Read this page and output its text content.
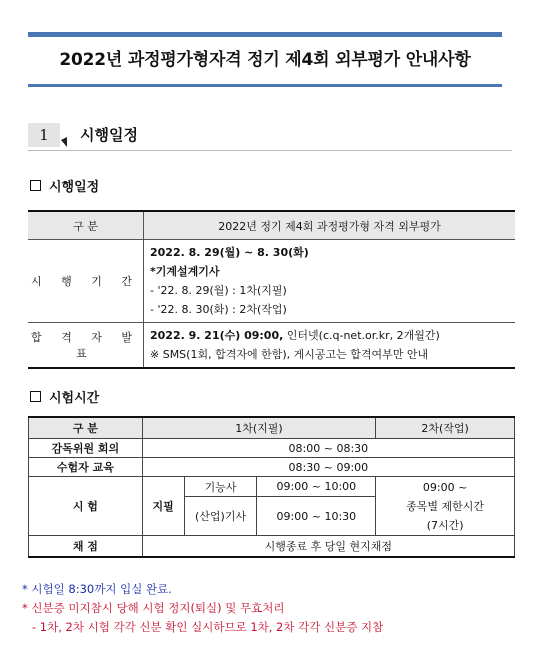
2022년 과정평가형자격 정기 제4회 외부평가 안내사항
1	시행일정
시행일정
구 분	2022년 정기 제4회 과정평가형 자격 외부평가
시 행 기 간	2022. 8. 29(월) ~ 8. 30(화)
*기계설계기사
- '22. 8. 29(월) : 1차(지필)
- '22. 8. 30(화) : 2차(작업)

합 격 자 발 표	2022. 9. 21(수) 09:00, 인터넷(c.q-net.or.kr, 2개월간)
※ SMS(1회, 합격자에 한함), 게시공고는 합격여부만 안내
시험시간
구 분	1차(지필)			2차(작업)
감독위원 회의	08:00 ~ 08:30			
수험자 교육	08:30 ~ 09:00			
시 험	지필	기능사	09:00 ~ 10:00	09:00 ~
종목별 제한시간
(7시간)

		(산업)기사	09:00 ~ 10:30	
채 점	시행종료 후 당일 현지채점			
* 시험일 8:30까지 입실 완료.
* 신분증 미지참시 당해 시험 정지(퇴실) 및 무효처리
- 1차, 2차 시험 각각 신분 확인 실시하므로 1차, 2차 각각 신분증 지참
